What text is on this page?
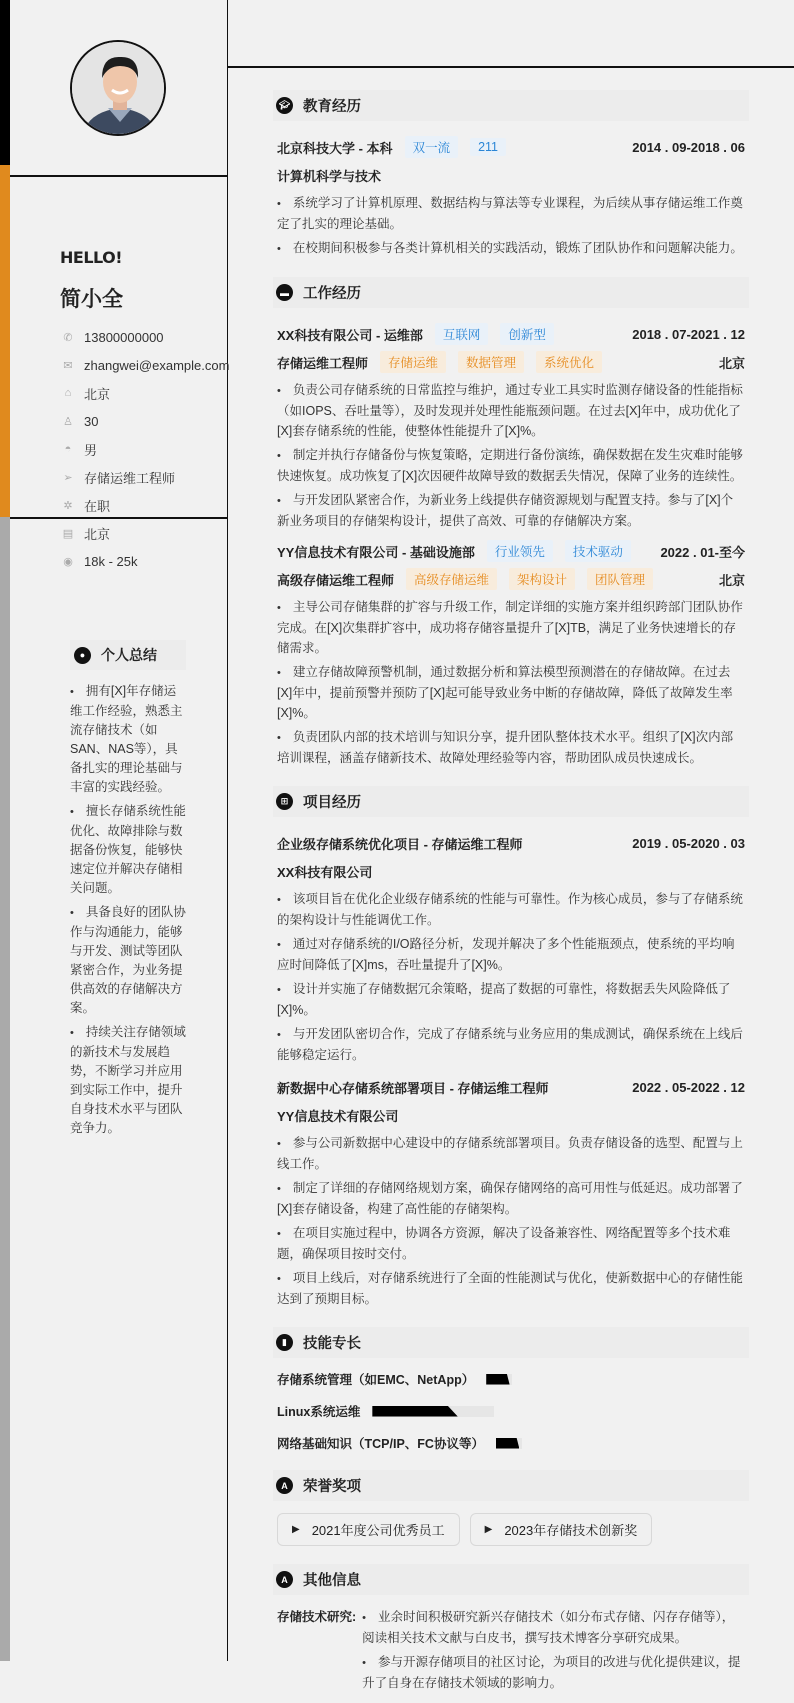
HELLO!
简小全
✆ 13800000000
✉ zhangwei@example.com
⌂ 北京
♙ 30
◓ 男
➢ 存储运维工程师
✲ 在职
▤ 北京
◉ 18k - 25k
●	个人总结
• 拥有[X]年存储运维工作经验，熟悉主流存储技术（如SAN、NAS等），具备扎实的理论基础与丰富的实践经验。
• 擅长存储系统性能优化、故障排除与数据备份恢复，能够快速定位并解决存储相关问题。
• 具备良好的团队协作与沟通能力，能够与开发、测试等团队紧密合作，为业务提供高效的存储解决方案。
• 持续关注存储领域的新技术与发展趋势，不断学习并应用到实际工作中，提升自身技术水平与团队竞争力。
🎓︎ 教育经历
北京科技大学 - 本科	双一流	211	2014 . 09-2018 . 06
计算机科学与技术
• 系统学习了计算机原理、数据结构与算法等专业课程，为后续从事存储运维工作奠定了扎实的理论基础。
• 在校期间积极参与各类计算机相关的实践活动，锻炼了团队协作和问题解决能力。
▬ 工作经历
XX科技有限公司 - 运维部	互联网	创新型	2018 . 07-2021 . 12
存储运维工程师	存储运维	数据管理	系统优化	北京
• 负责公司存储系统的日常监控与维护，通过专业工具实时监测存储设备的性能指标（如IOPS、吞吐量等），及时发现并处理性能瓶颈问题。在过去[X]年中，成功优化了[X]套存储系统的性能，使整体性能提升了[X]%。
• 制定并执行存储备份与恢复策略，定期进行备份演练，确保数据在发生灾难时能够快速恢复。成功恢复了[X]次因硬件故障导致的数据丢失情况，保障了业务的连续性。
• 与开发团队紧密合作，为新业务上线提供存储资源规划与配置支持。参与了[X]个新业务项目的存储架构设计，提供了高效、可靠的存储解决方案。
YY信息技术有限公司 - 基础设施部	行业领先	技术驱动	2022 . 01-至今
高级存储运维工程师	高级存储运维	架构设计	团队管理	北京
• 主导公司存储集群的扩容与升级工作，制定详细的实施方案并组织跨部门团队协作完成。在[X]次集群扩容中，成功将存储容量提升了[X]TB，满足了业务快速增长的存储需求。
• 建立存储故障预警机制，通过数据分析和算法模型预测潜在的存储故障。在过去[X]年中，提前预警并预防了[X]起可能导致业务中断的存储故障，降低了故障发生率[X]%。
• 负责团队内部的技术培训与知识分享，提升团队整体技术水平。组织了[X]次内部培训课程，涵盖存储新技术、故障处理经验等内容，帮助团队成员快速成长。
⊞	项目经历
企业级存储系统优化项目 - 存储运维工程师	2019 . 05-2020 . 03
XX科技有限公司
• 该项目旨在优化企业级存储系统的性能与可靠性。作为核心成员，参与了存储系统的架构设计与性能调优工作。
• 通过对存储系统的I/O路径分析，发现并解决了多个性能瓶颈点，使系统的平均响应时间降低了[X]ms，吞吐量提升了[X]%。
• 设计并实施了存储数据冗余策略，提高了数据的可靠性，将数据丢失风险降低了[X]%。
• 与开发团队密切合作，完成了存储系统与业务应用的集成测试，确保系统在上线后能够稳定运行。
新数据中心存储系统部署项目 - 存储运维工程师	2022 . 05-2022 . 12
YY信息技术有限公司
• 参与公司新数据中心建设中的存储系统部署项目。负责存储设备的选型、配置与上线工作。
• 制定了详细的存储网络规划方案，确保存储网络的高可用性与低延迟。成功部署了[X]套存储设备，构建了高性能的存储架构。
• 在项目实施过程中，协调各方资源，解决了设备兼容性、网络配置等多个技术难题，确保项目按时交付。
• 项目上线后，对存储系统进行了全面的性能测试与优化，使新数据中心的存储性能达到了预期目标。
▮	技能专长
存储系统管理（如EMC、NetApp）
Linux系统运维
网络基础知识（TCP/IP、FC协议等）
A	荣誉奖项
▶ 2021年度公司优秀员工	▶ 2023年存储技术创新奖
A	其他信息
存储技术研究:	• 业余时间积极研究新兴存储技术（如分布式存储、闪存存储等），阅读相关技术文献与白皮书，撰写技术博客分享研究成果。
• 参与开源存储项目的社区讨论，为项目的改进与优化提供建议，提升了自身在存储技术领域的影响力。
